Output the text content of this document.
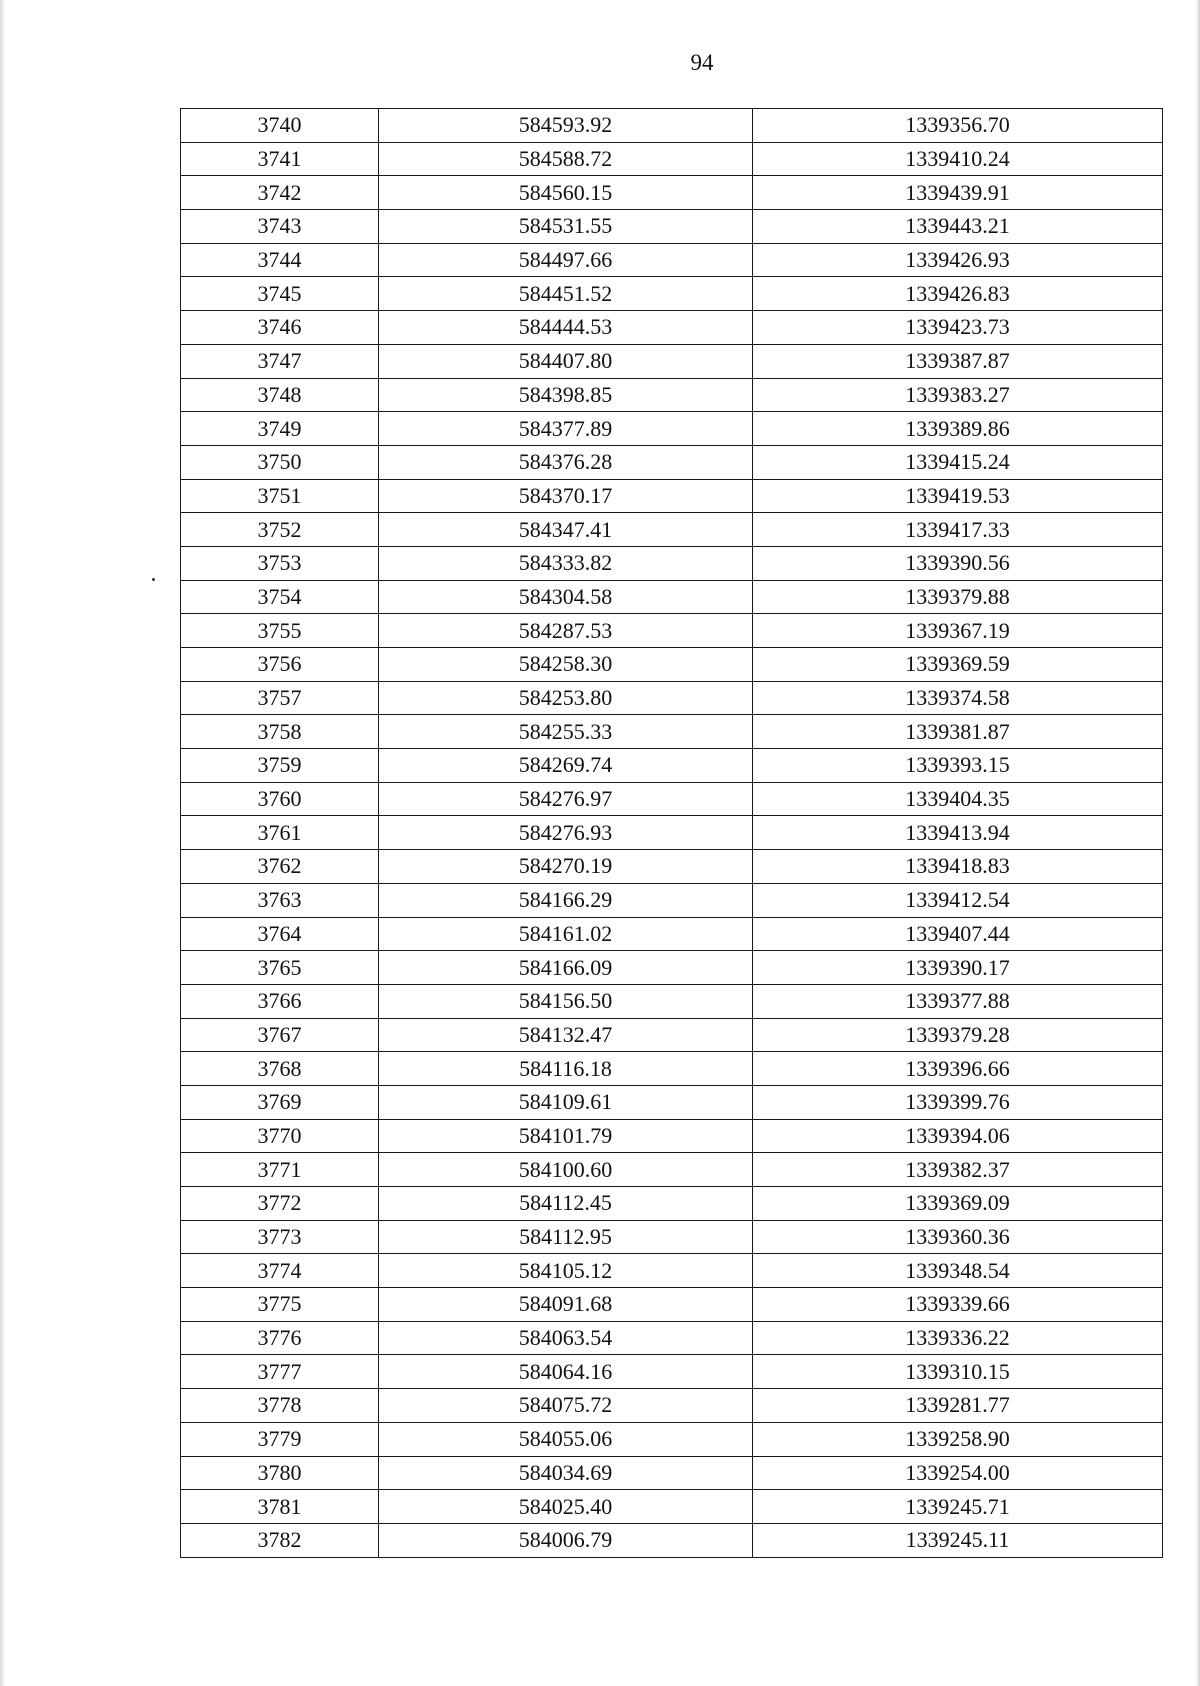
94
3740	584593.92	1339356.70
3741	584588.72	1339410.24
3742	584560.15	1339439.91
3743	584531.55	1339443.21
3744	584497.66	1339426.93
3745	584451.52	1339426.83
3746	584444.53	1339423.73
3747	584407.80	1339387.87
3748	584398.85	1339383.27
3749	584377.89	1339389.86
3750	584376.28	1339415.24
3751	584370.17	1339419.53
3752	584347.41	1339417.33
3753	584333.82	1339390.56
3754	584304.58	1339379.88
3755	584287.53	1339367.19
3756	584258.30	1339369.59
3757	584253.80	1339374.58
3758	584255.33	1339381.87
3759	584269.74	1339393.15
3760	584276.97	1339404.35
3761	584276.93	1339413.94
3762	584270.19	1339418.83
3763	584166.29	1339412.54
3764	584161.02	1339407.44
3765	584166.09	1339390.17
3766	584156.50	1339377.88
3767	584132.47	1339379.28
3768	584116.18	1339396.66
3769	584109.61	1339399.76
3770	584101.79	1339394.06
3771	584100.60	1339382.37
3772	584112.45	1339369.09
3773	584112.95	1339360.36
3774	584105.12	1339348.54
3775	584091.68	1339339.66
3776	584063.54	1339336.22
3777	584064.16	1339310.15
3778	584075.72	1339281.77
3779	584055.06	1339258.90
3780	584034.69	1339254.00
3781	584025.40	1339245.71
3782	584006.79	1339245.11
